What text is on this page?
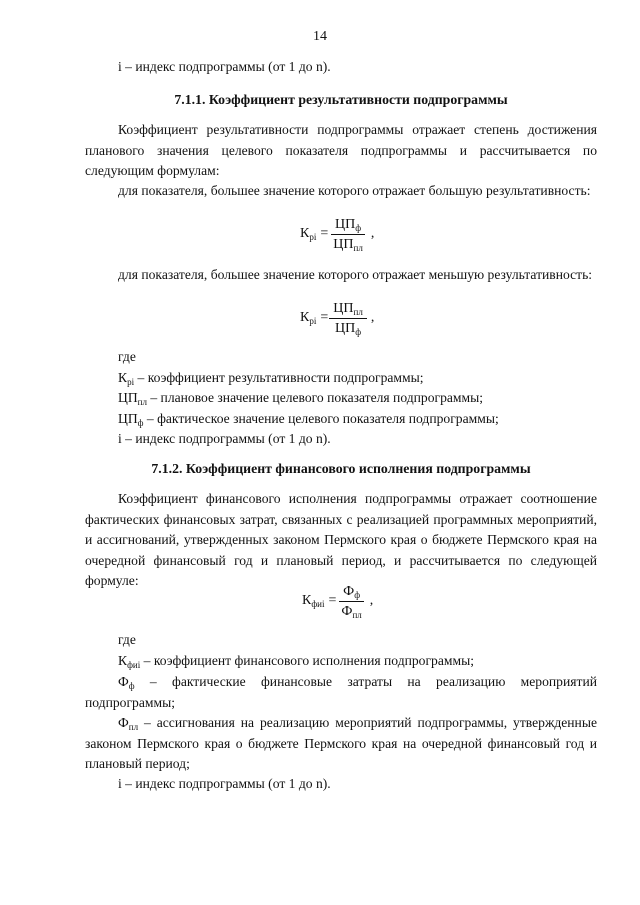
14

i – индекс подпрограммы (от 1 до n).

7.1.1. Коэффициент результативности подпрограммы

Коэффициент результативности подпрограммы отражает степень достижения планового значения целевого показателя подпрограммы и рассчитывается по следующим формулам:

для показателя, большее значение которого отражает большую результативность:

$К_{рi} = \frac{ЦП_ф}{ЦП_{пл}}$ ,

для показателя, большее значение которого отражает меньшую результативность:

$К_{рi} = \frac{ЦП_{пл}}{ЦП_ф}$ ,

где

$К_{рi}$ – коэффициент результативности подпрограммы;

$ЦП_{пл}$ – плановое значение целевого показателя подпрограммы;

$ЦП_ф$ – фактическое значение целевого показателя подпрограммы;

i – индекс подпрограммы (от 1 до n).

7.1.2. Коэффициент финансового исполнения подпрограммы

Коэффициент финансового исполнения подпрограммы отражает соотношение фактических финансовых затрат, связанных с реализацией программных мероприятий, и ассигнований, утвержденных законом Пермского края о бюджете Пермского края на очередной финансовый год и плановый период, и рассчитывается по следующей формуле:

$К_{фиi} = \frac{Ф_ф}{Ф_{пл}}$ ,

где

$К_{фиi}$ – коэффициент финансового исполнения подпрограммы;

$Ф_ф$ – фактические финансовые затраты на реализацию мероприятий подпрограммы;

$Ф_{пл}$ – ассигнования на реализацию мероприятий подпрограммы, утвержденные законом Пермского края о бюджете Пермского края на очередной финансовый год и плановый период;

i – индекс подпрограммы (от 1 до n).
